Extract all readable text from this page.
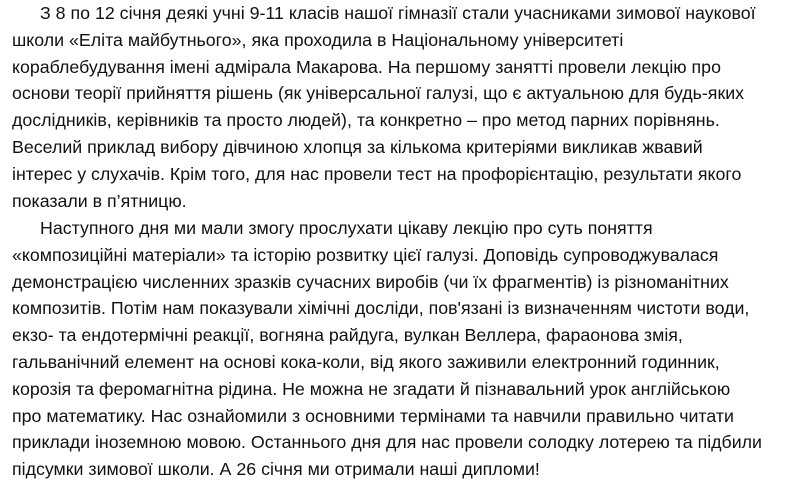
З 8 по 12 січня деякі учні 9-11 класів нашої гімназії стали учасниками зимової наукової
школи «Еліта майбутнього», яка проходила в Національному університеті
кораблебудування імені адмірала Макарова. На першому занятті провели лекцію про
основи теорії прийняття рішень (як універсальної галузі, що є актуальною для будь-яких
дослідників, керівників та просто людей), та конкретно – про метод парних порівнянь.
Веселий приклад вибору дівчиною хлопця за кількома критеріями викликав жвавий
інтерес у слухачів. Крім того, для нас провели тест на профорієнтацію, результати якого
показали в п’ятницю.
Наступного дня ми мали змогу прослухати цікаву лекцію про суть поняття
«композиційні матеріали» та історію розвитку цієї галузі. Доповідь супроводжувалася
демонстрацією численних зразків сучасних виробів (чи їх фрагментів) із різноманітних
композитів. Потім нам показували хімічні досліди, пов'язані із визначенням чистоти води,
екзо- та ендотермічні реакції, вогняна райдуга, вулкан Веллера, фараонова змія,
гальванічний елемент на основі кока-коли, від якого заживили електронний годинник,
корозія та феромагнітна рідина. Не можна не згадати й пізнавальний урок англійською
про математику. Нас ознайомили з основними термінами та навчили правильно читати
приклади іноземною мовою. Останнього дня для нас провели солодку лотерею та підбили
підсумки зимової школи. А 26 січня ми отримали наші дипломи!
